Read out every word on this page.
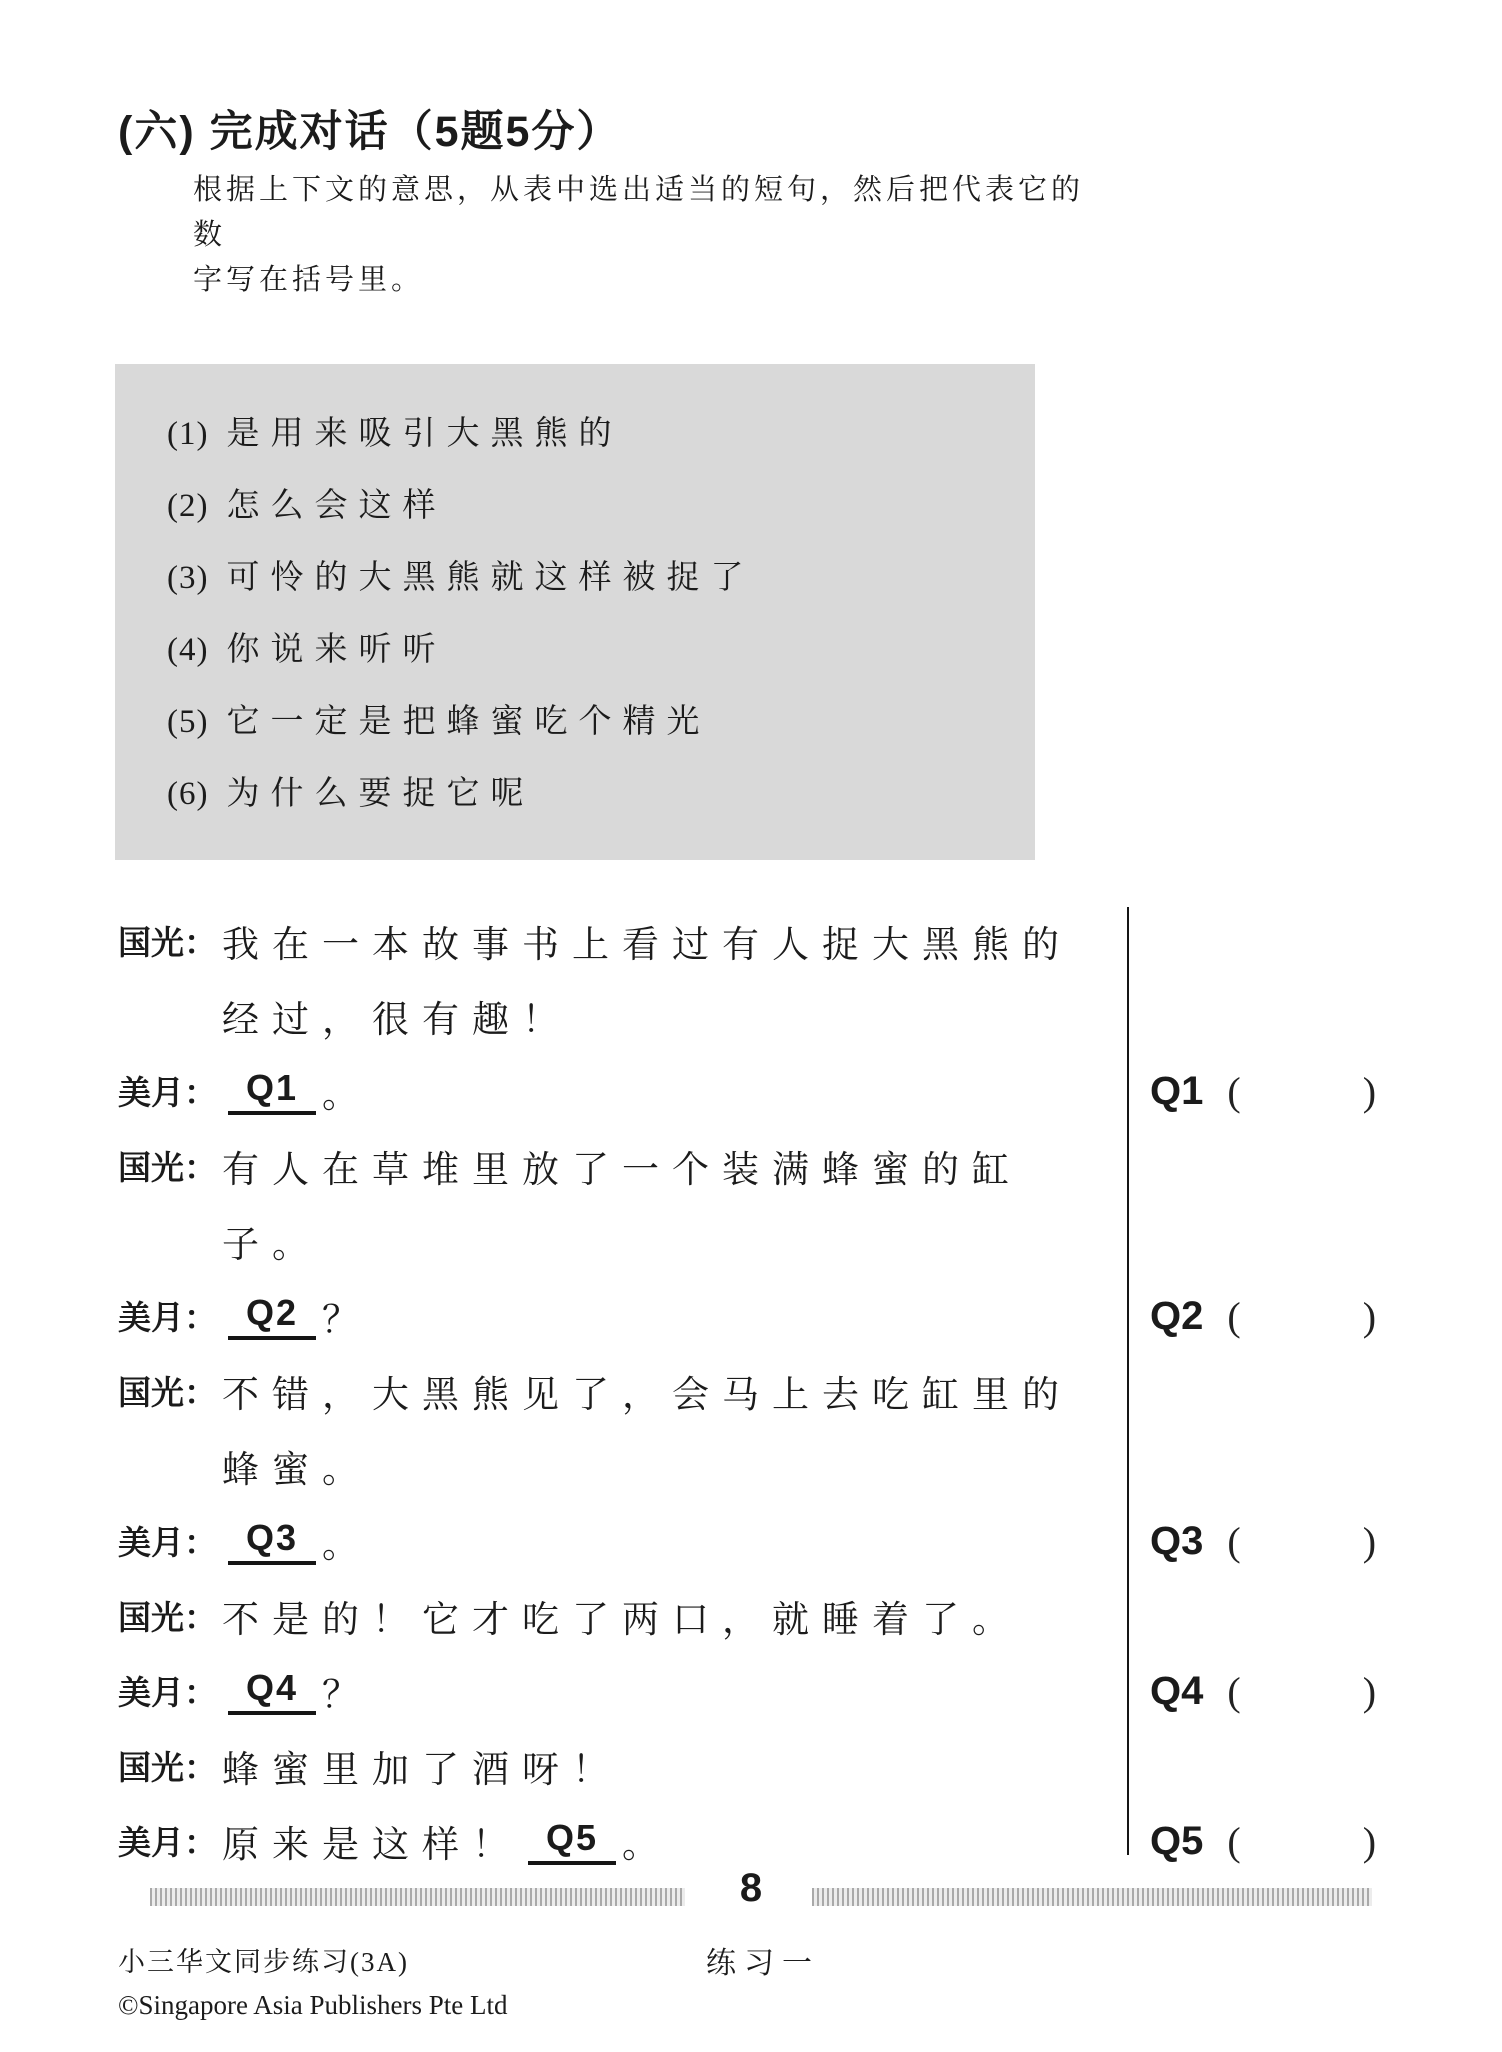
(六) 完成对话（5题5分）
根据上下文的意思，从表中选出适当的短句，然后把代表它的数
字写在括号里。
(1) 是用来吸引大黑熊的
(2) 怎么会这样
(3) 可怜的大黑熊就这样被捉了
(4) 你说来听听
(5) 它一定是把蜂蜜吃个精光
(6) 为什么要捉它呢
国光： 我在一本故事书上看过有人捉大黑熊的
经过，很有趣！
美月： Q1 。
国光： 有人在草堆里放了一个装满蜂蜜的缸
子。
美月： Q2 ？
国光： 不错，大黑熊见了，会马上去吃缸里的
蜂蜜。
美月： Q3 。
国光： 不是的！它才吃了两口，就睡着了。
美月： Q4 ？
国光： 蜂蜜里加了酒呀！
美月： 原来是这样！ Q5 。
Q1 (	)
Q2 (	)
Q3 (	)
Q4 (	)
Q5 (	)
8
小三华文同步练习(3A)	练习一
©Singapore Asia Publishers Pte Ltd
